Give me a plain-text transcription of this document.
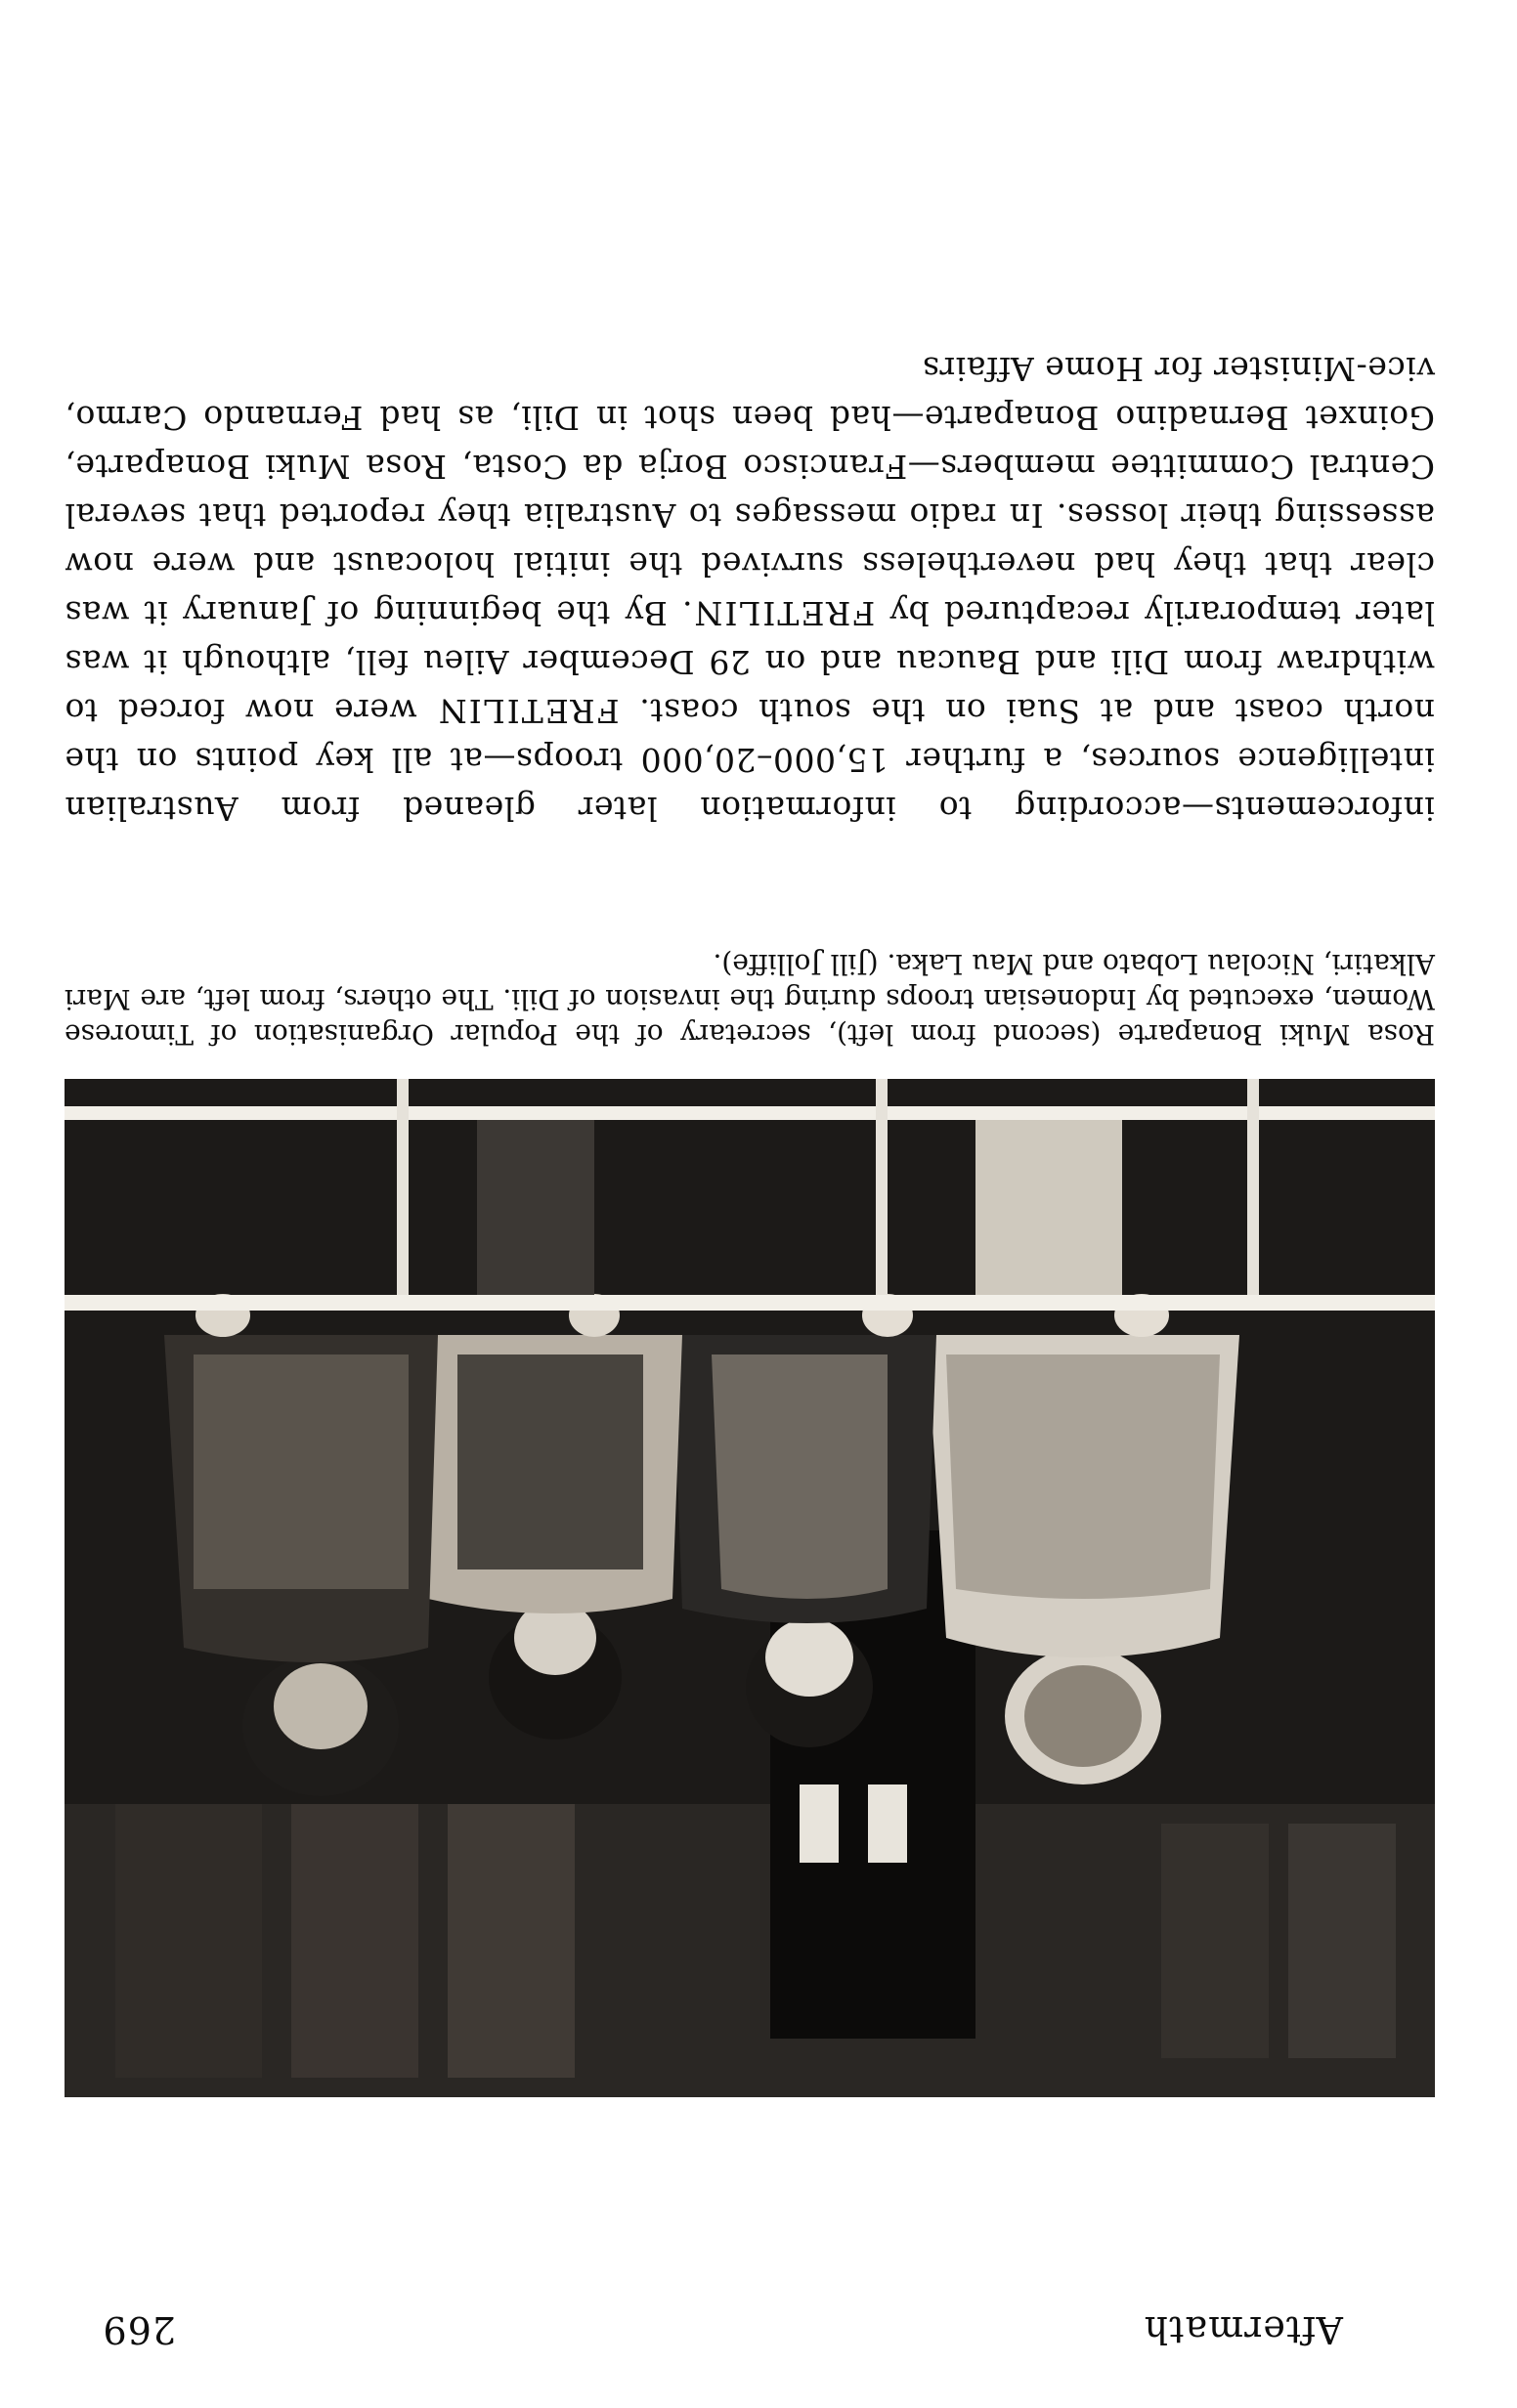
Aftermath
269
Rosa Muki Bonaparte (second from left), secretary of the Popular Organisation of Timorese Women, executed by Indonesian troops during the invasion of Dili. The others, from left, are Mari Alkatiri, Nicolau Lobato and Mau Laka. (Jill Jolliffe).
inforcements—according to information later gleaned from Australian intelligence sources, a further 15,000–20,000 troops—at all key points on the north coast and at Suai on the south coast. FRETILIN were now forced to withdraw from Dili and Baucau and on 29 December Aileu fell, although it was later temporarily recaptured by FRETILIN. By the beginning of January it was clear that they had nevertheless survived the initial holocaust and were now assessing their losses. In radio messages to Australia they reported that several Central Committee members—Francisco Borja da Costa, Rosa Muki Bonaparte, Goinxet Bernadino Bonaparte—had been shot in Dili, as had Fernando Carmo, vice-Minister for Home Affairs
